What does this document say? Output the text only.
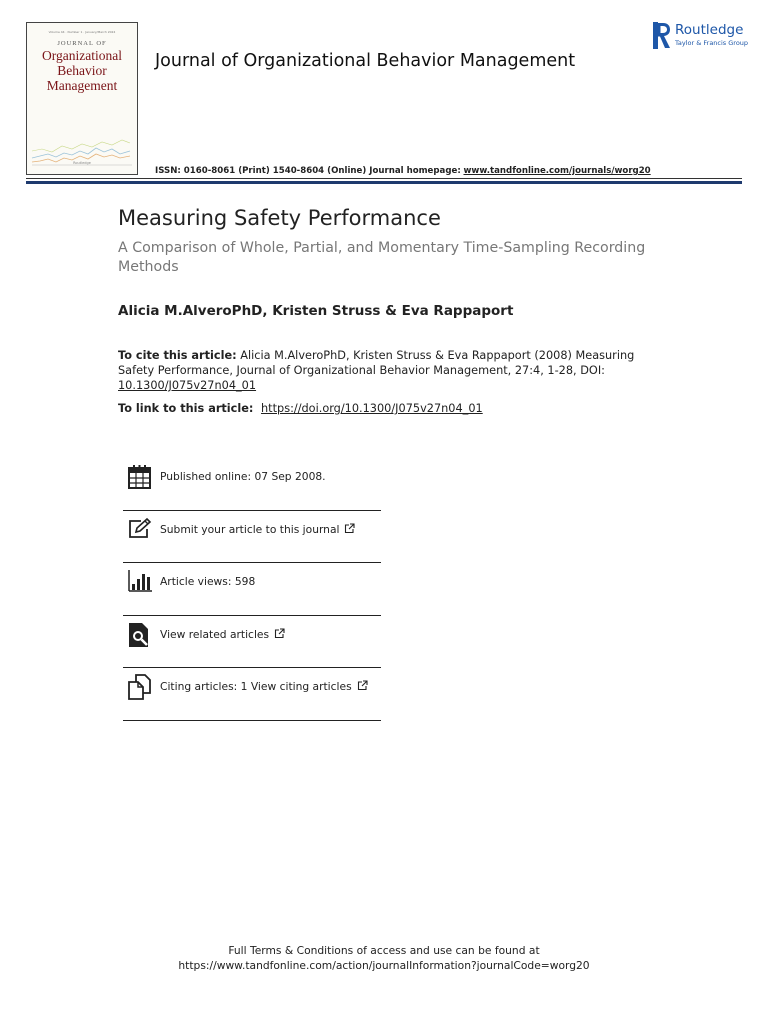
Volume 44 · Number 1 · January/March 2024
JOURNAL OF
Organizational
Behavior
Management
Routledge
Journal of Organizational Behavior Management
Routledge
Taylor & Francis Group
ISSN: 0160-8061 (Print) 1540-8604 (Online) Journal homepage: www.tandfonline.com/journals/worg20
Measuring Safety Performance
A Comparison of Whole, Partial, and Momentary Time-Sampling Recording Methods
Alicia M.AlveroPhD, Kristen Struss & Eva Rappaport
To cite this article: Alicia M.AlveroPhD, Kristen Struss & Eva Rappaport (2008) Measuring Safety Performance, Journal of Organizational Behavior Management, 27:4, 1-28, DOI: 10.1300/J075v27n04_01
To link to this article: https://doi.org/10.1300/J075v27n04_01
Published online: 07 Sep 2008.
Submit your article to this journal
Article views: 598
View related articles
Citing articles: 1 View citing articles
Full Terms & Conditions of access and use can be found at
https://www.tandfonline.com/action/journalInformation?journalCode=worg20
